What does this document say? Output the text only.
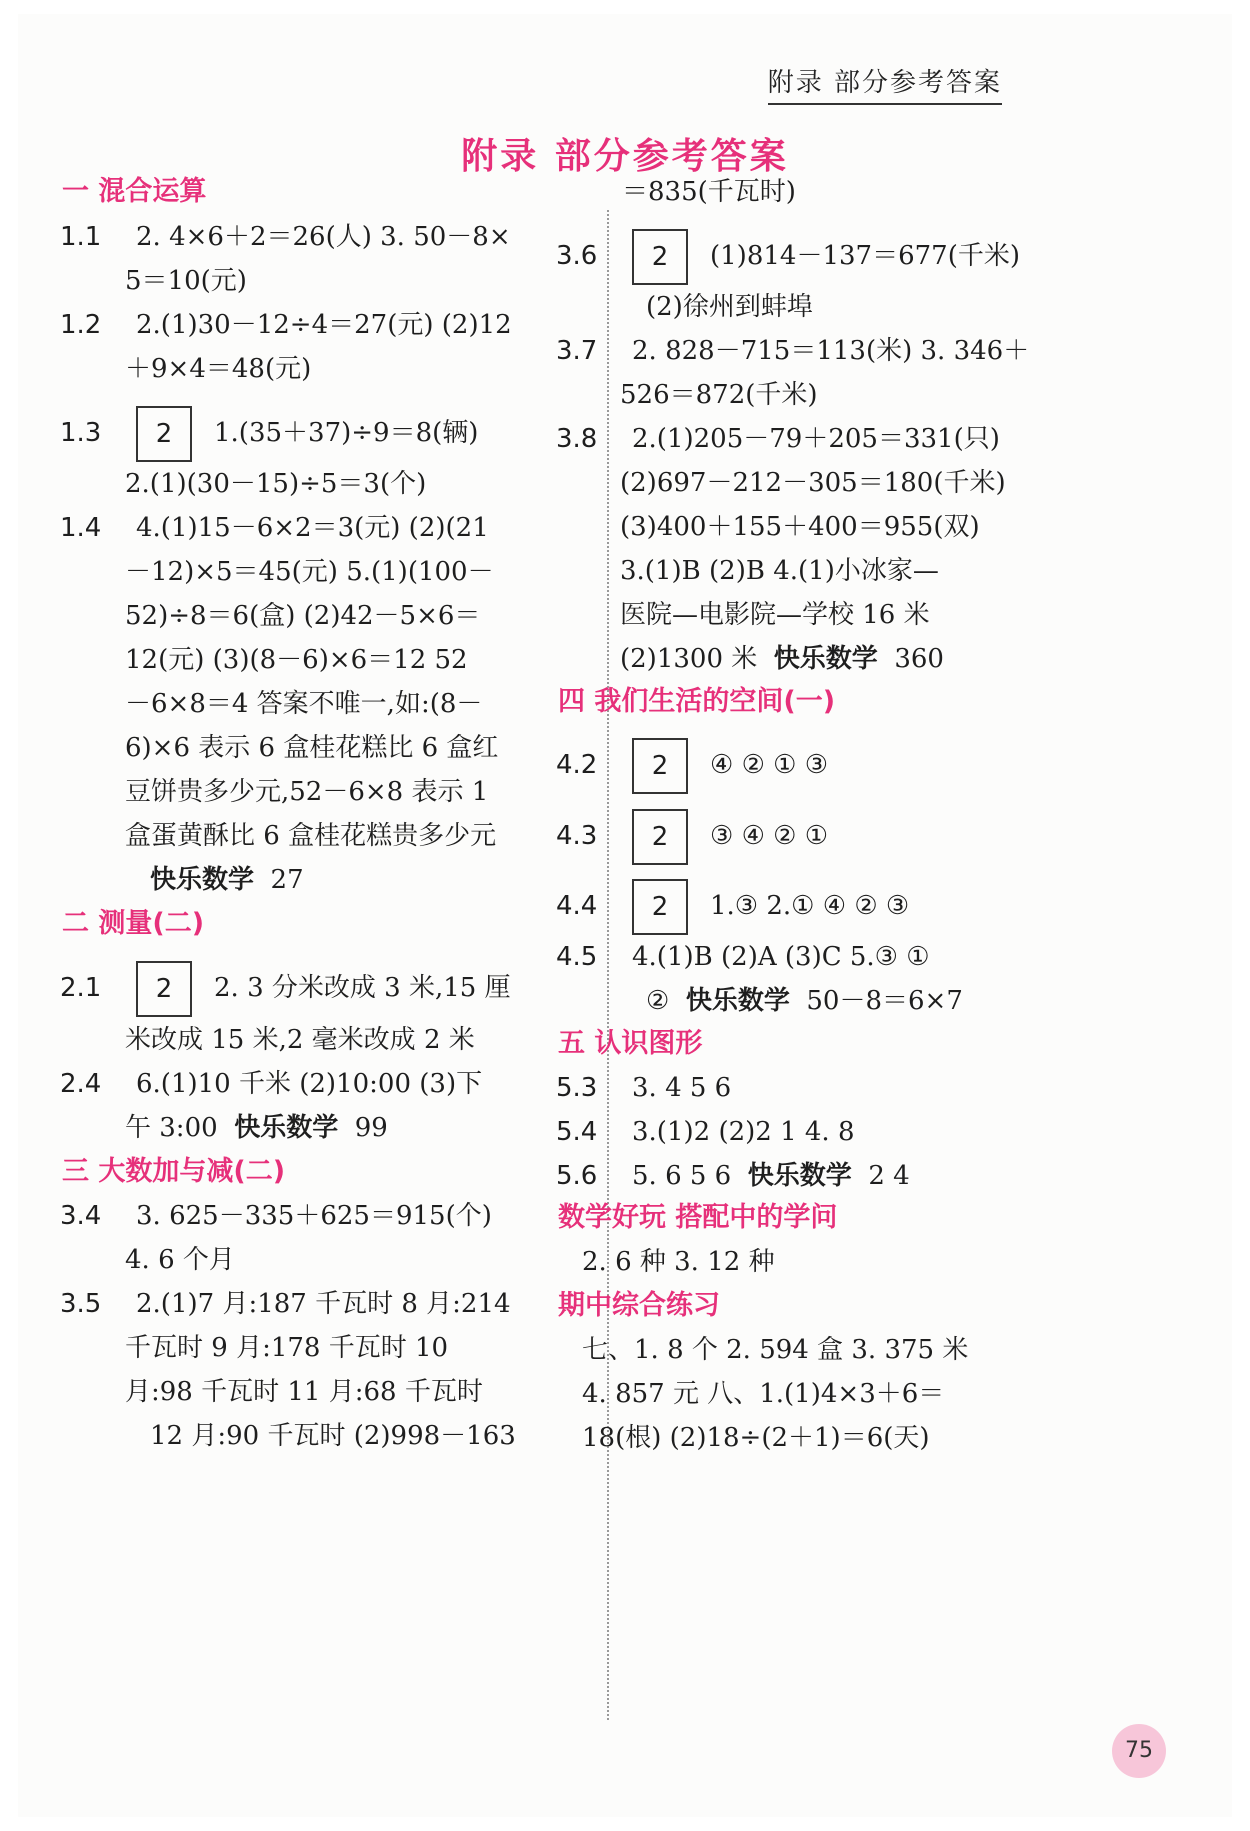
附录 部分参考答案
附录 部分参考答案
一 混合运算
1.1 2. 4×6＋2＝26(人) 3. 50－8×
5＝10(元)
1.2 2.(1)30－12÷4＝27(元) (2)12
＋9×4＝48(元)
1.3 2 1.(35＋37)÷9＝8(辆)
2.(1)(30－15)÷5＝3(个)
1.4 4.(1)15－6×2＝3(元) (2)(21
－12)×5＝45(元) 5.(1)(100－
52)÷8＝6(盒) (2)42－5×6＝
12(元) (3)(8－6)×6＝12 52
－6×8＝4 答案不唯一,如:(8－
6)×6 表示 6 盒桂花糕比 6 盒红
豆饼贵多少元,52－6×8 表示 1
盒蛋黄酥比 6 盒桂花糕贵多少元
快乐数学 27
二 测量(二)
2.1 2 2. 3 分米改成 3 米,15 厘
米改成 15 米,2 毫米改成 2 米
2.4 6.(1)10 千米 (2)10:00 (3)下
午 3:00 快乐数学 99
三 大数加与减(二)
3.4 3. 625－335＋625＝915(个)
4. 6 个月
3.5 2.(1)7 月:187 千瓦时 8 月:214
千瓦时 9 月:178 千瓦时 10
月:98 千瓦时 11 月:68 千瓦时
12 月:90 千瓦时 (2)998－163
＝835(千瓦时)
3.6 2 (1)814－137＝677(千米)
(2)徐州到蚌埠
3.7 2. 828－715＝113(米) 3. 346＋
526＝872(千米)
3.8 2.(1)205－79＋205＝331(只)
(2)697－212－305＝180(千米)
(3)400＋155＋400＝955(双)
3.(1)B (2)B 4.(1)小冰家—
医院—电影院—学校 16 米
(2)1300 米 快乐数学 360
四 我们生活的空间(一)
4.2 2 ④ ② ① ③
4.3 2 ③ ④ ② ①
4.4 2 1.③ 2.① ④ ② ③
4.5 4.(1)B (2)A (3)C 5.③ ①
② 快乐数学 50－8＝6×7
五 认识图形
5.3 3. 4 5 6
5.4 3.(1)2 (2)2 1 4. 8
5.6 5. 6 5 6 快乐数学 2 4
数学好玩 搭配中的学问
2. 6 种 3. 12 种
期中综合练习
七、1. 8 个 2. 594 盒 3. 375 米
4. 857 元 八、1.(1)4×3＋6＝
18(根) (2)18÷(2＋1)＝6(天)
75
